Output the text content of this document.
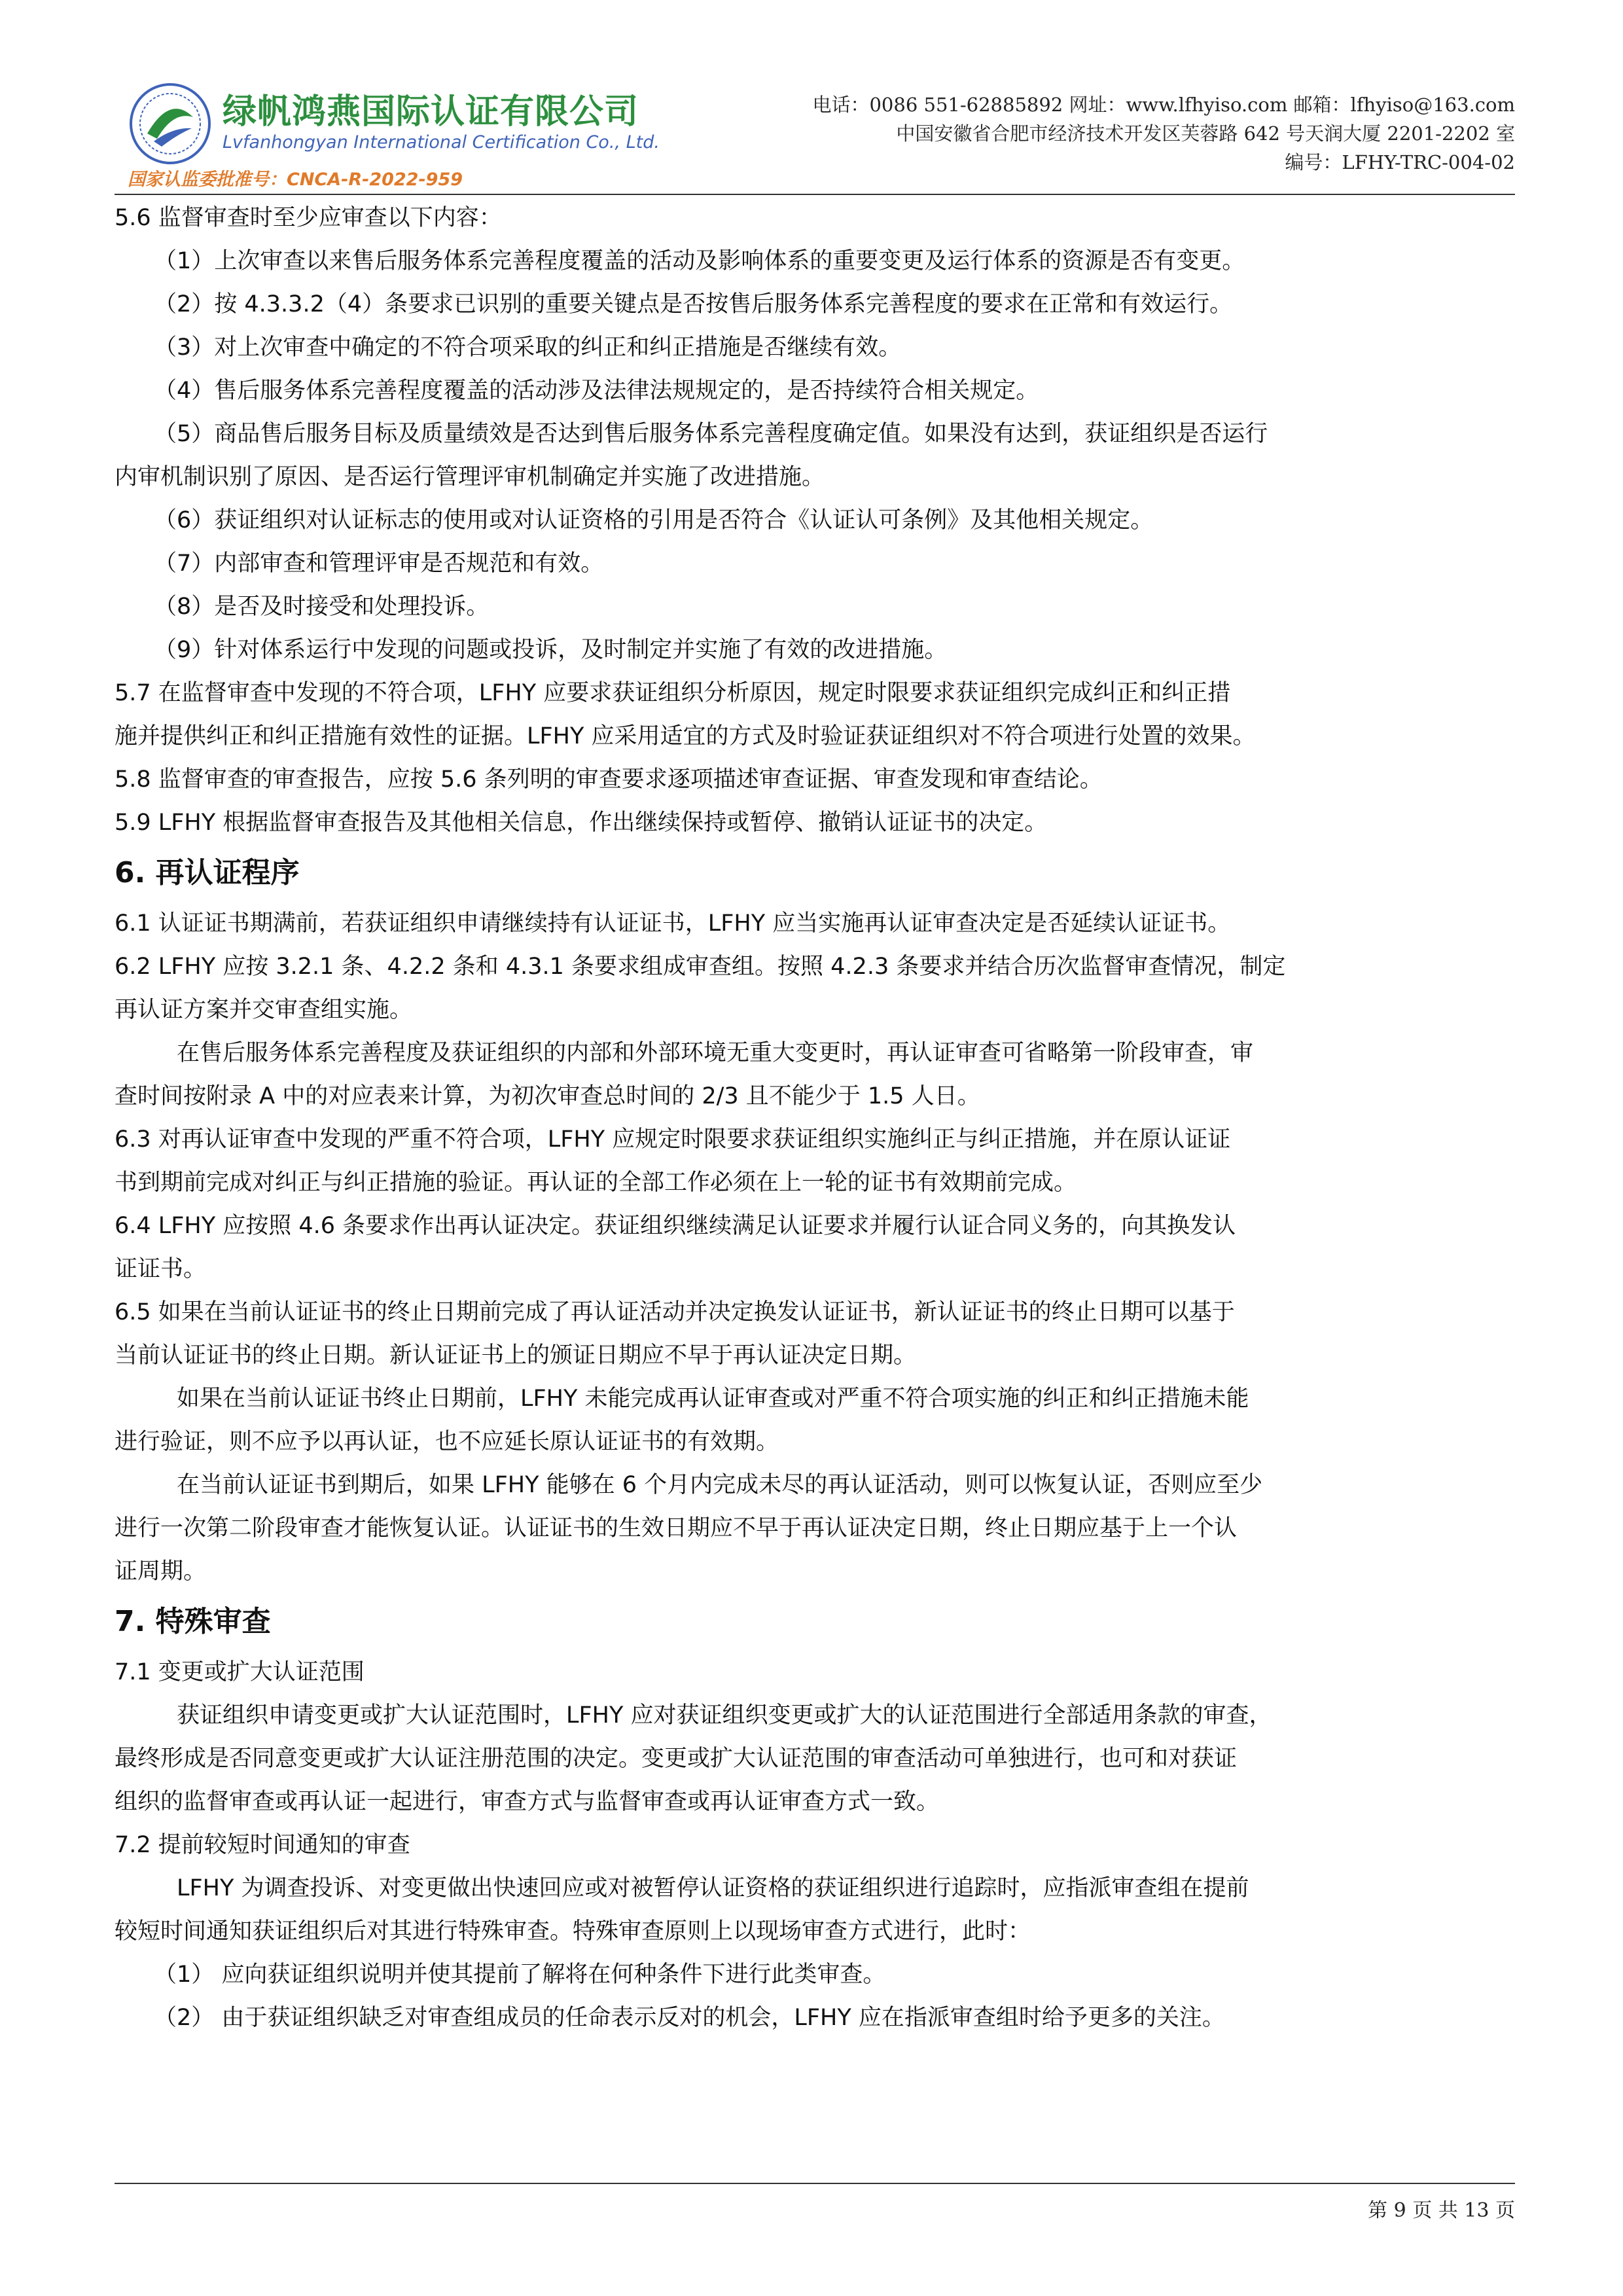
绿帆鸿燕国际认证有限公司
Lvfanhongyan International Certification Co., Ltd.
国家认监委批准号：CNCA-R-2022-959
电话：0086 551-62885892 网址：www.lfhyiso.com 邮箱：lfhyiso@163.com
中国安徽省合肥市经济技术开发区芙蓉路 642 号天润大厦 2201-2202 室
编号：LFHY-TRC-004-02
5.6 监督审查时至少应审查以下内容：
（1）上次审查以来售后服务体系完善程度覆盖的活动及影响体系的重要变更及运行体系的资源是否有变更。
（2）按 4.3.3.2（4）条要求已识别的重要关键点是否按售后服务体系完善程度的要求在正常和有效运行。
（3）对上次审查中确定的不符合项采取的纠正和纠正措施是否继续有效。
（4）售后服务体系完善程度覆盖的活动涉及法律法规规定的，是否持续符合相关规定。
（5）商品售后服务目标及质量绩效是否达到售后服务体系完善程度确定值。如果没有达到，获证组织是否运行
内审机制识别了原因、是否运行管理评审机制确定并实施了改进措施。
（6）获证组织对认证标志的使用或对认证资格的引用是否符合《认证认可条例》及其他相关规定。
（7）内部审查和管理评审是否规范和有效。
（8）是否及时接受和处理投诉。
（9）针对体系运行中发现的问题或投诉，及时制定并实施了有效的改进措施。
5.7 在监督审查中发现的不符合项，LFHY 应要求获证组织分析原因，规定时限要求获证组织完成纠正和纠正措
施并提供纠正和纠正措施有效性的证据。LFHY 应采用适宜的方式及时验证获证组织对不符合项进行处置的效果。
5.8 监督审查的审查报告，应按 5.6 条列明的审查要求逐项描述审查证据、审查发现和审查结论。
5.9 LFHY 根据监督审查报告及其他相关信息，作出继续保持或暂停、撤销认证证书的决定。
6. 再认证程序
6.1 认证证书期满前，若获证组织申请继续持有认证证书，LFHY 应当实施再认证审查决定是否延续认证证书。
6.2 LFHY 应按 3.2.1 条、4.2.2 条和 4.3.1 条要求组成审查组。按照 4.2.3 条要求并结合历次监督审查情况，制定
再认证方案并交审查组实施。
在售后服务体系完善程度及获证组织的内部和外部环境无重大变更时，再认证审查可省略第一阶段审查，审
查时间按附录 A 中的对应表来计算，为初次审查总时间的 2/3 且不能少于 1.5 人日。
6.3 对再认证审查中发现的严重不符合项，LFHY 应规定时限要求获证组织实施纠正与纠正措施，并在原认证证
书到期前完成对纠正与纠正措施的验证。再认证的全部工作必须在上一轮的证书有效期前完成。
6.4 LFHY 应按照 4.6 条要求作出再认证决定。获证组织继续满足认证要求并履行认证合同义务的，向其换发认
证证书。
6.5 如果在当前认证证书的终止日期前完成了再认证活动并决定换发认证证书，新认证证书的终止日期可以基于
当前认证证书的终止日期。新认证证书上的颁证日期应不早于再认证决定日期。
如果在当前认证证书终止日期前，LFHY 未能完成再认证审查或对严重不符合项实施的纠正和纠正措施未能
进行验证，则不应予以再认证，也不应延长原认证证书的有效期。
在当前认证证书到期后，如果 LFHY 能够在 6 个月内完成未尽的再认证活动，则可以恢复认证，否则应至少
进行一次第二阶段审查才能恢复认证。认证证书的生效日期应不早于再认证决定日期，终止日期应基于上一个认
证周期。
7. 特殊审查
7.1 变更或扩大认证范围
获证组织申请变更或扩大认证范围时，LFHY 应对获证组织变更或扩大的认证范围进行全部适用条款的审查，
最终形成是否同意变更或扩大认证注册范围的决定。变更或扩大认证范围的审查活动可单独进行，也可和对获证
组织的监督审查或再认证一起进行，审查方式与监督审查或再认证审查方式一致。
7.2 提前较短时间通知的审查
LFHY 为调查投诉、对变更做出快速回应或对被暂停认证资格的获证组织进行追踪时，应指派审查组在提前
较短时间通知获证组织后对其进行特殊审查。特殊审查原则上以现场审查方式进行，此时：
（1） 应向获证组织说明并使其提前了解将在何种条件下进行此类审查。
（2） 由于获证组织缺乏对审查组成员的任命表示反对的机会，LFHY 应在指派审查组时给予更多的关注。
第 9 页 共 13 页
